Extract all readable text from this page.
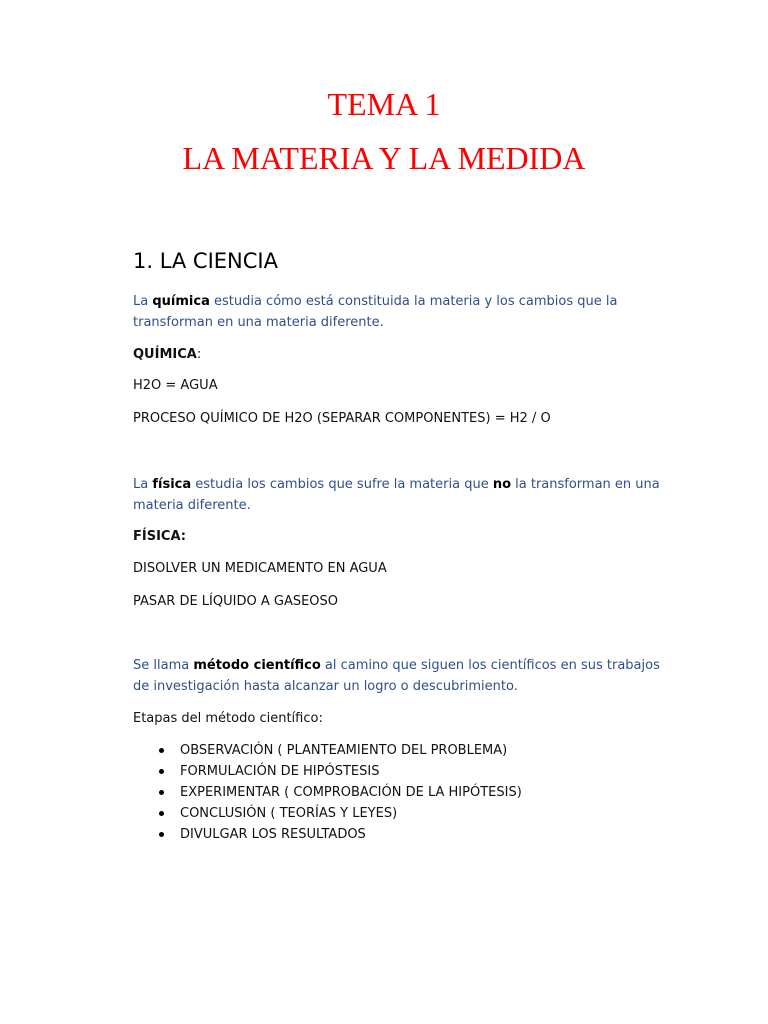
TEMA 1
LA MATERIA Y LA MEDIDA
1. LA CIENCIA
La química estudia cómo está constituida la materia y los cambios que la transforman en una materia diferente.
QUÍMICA:
H2O = AGUA
PROCESO QUÍMICO DE H2O (SEPARAR COMPONENTES) = H2 / O
La física estudia los cambios que sufre la materia que no la transforman en una materia diferente.
FÍSICA:
DISOLVER UN MEDICAMENTO EN AGUA
PASAR DE LÍQUIDO A GASEOSO
Se llama método científico al camino que siguen los científicos en sus trabajos de investigación hasta alcanzar un logro o descubrimiento.
Etapas del método científico:
OBSERVACIÓN ( PLANTEAMIENTO DEL PROBLEMA)
FORMULACIÓN DE HIPÓSTESIS
EXPERIMENTAR ( COMPROBACIÓN DE LA HIPÓTESIS)
CONCLUSIÓN ( TEORÍAS Y LEYES)
DIVULGAR LOS RESULTADOS
